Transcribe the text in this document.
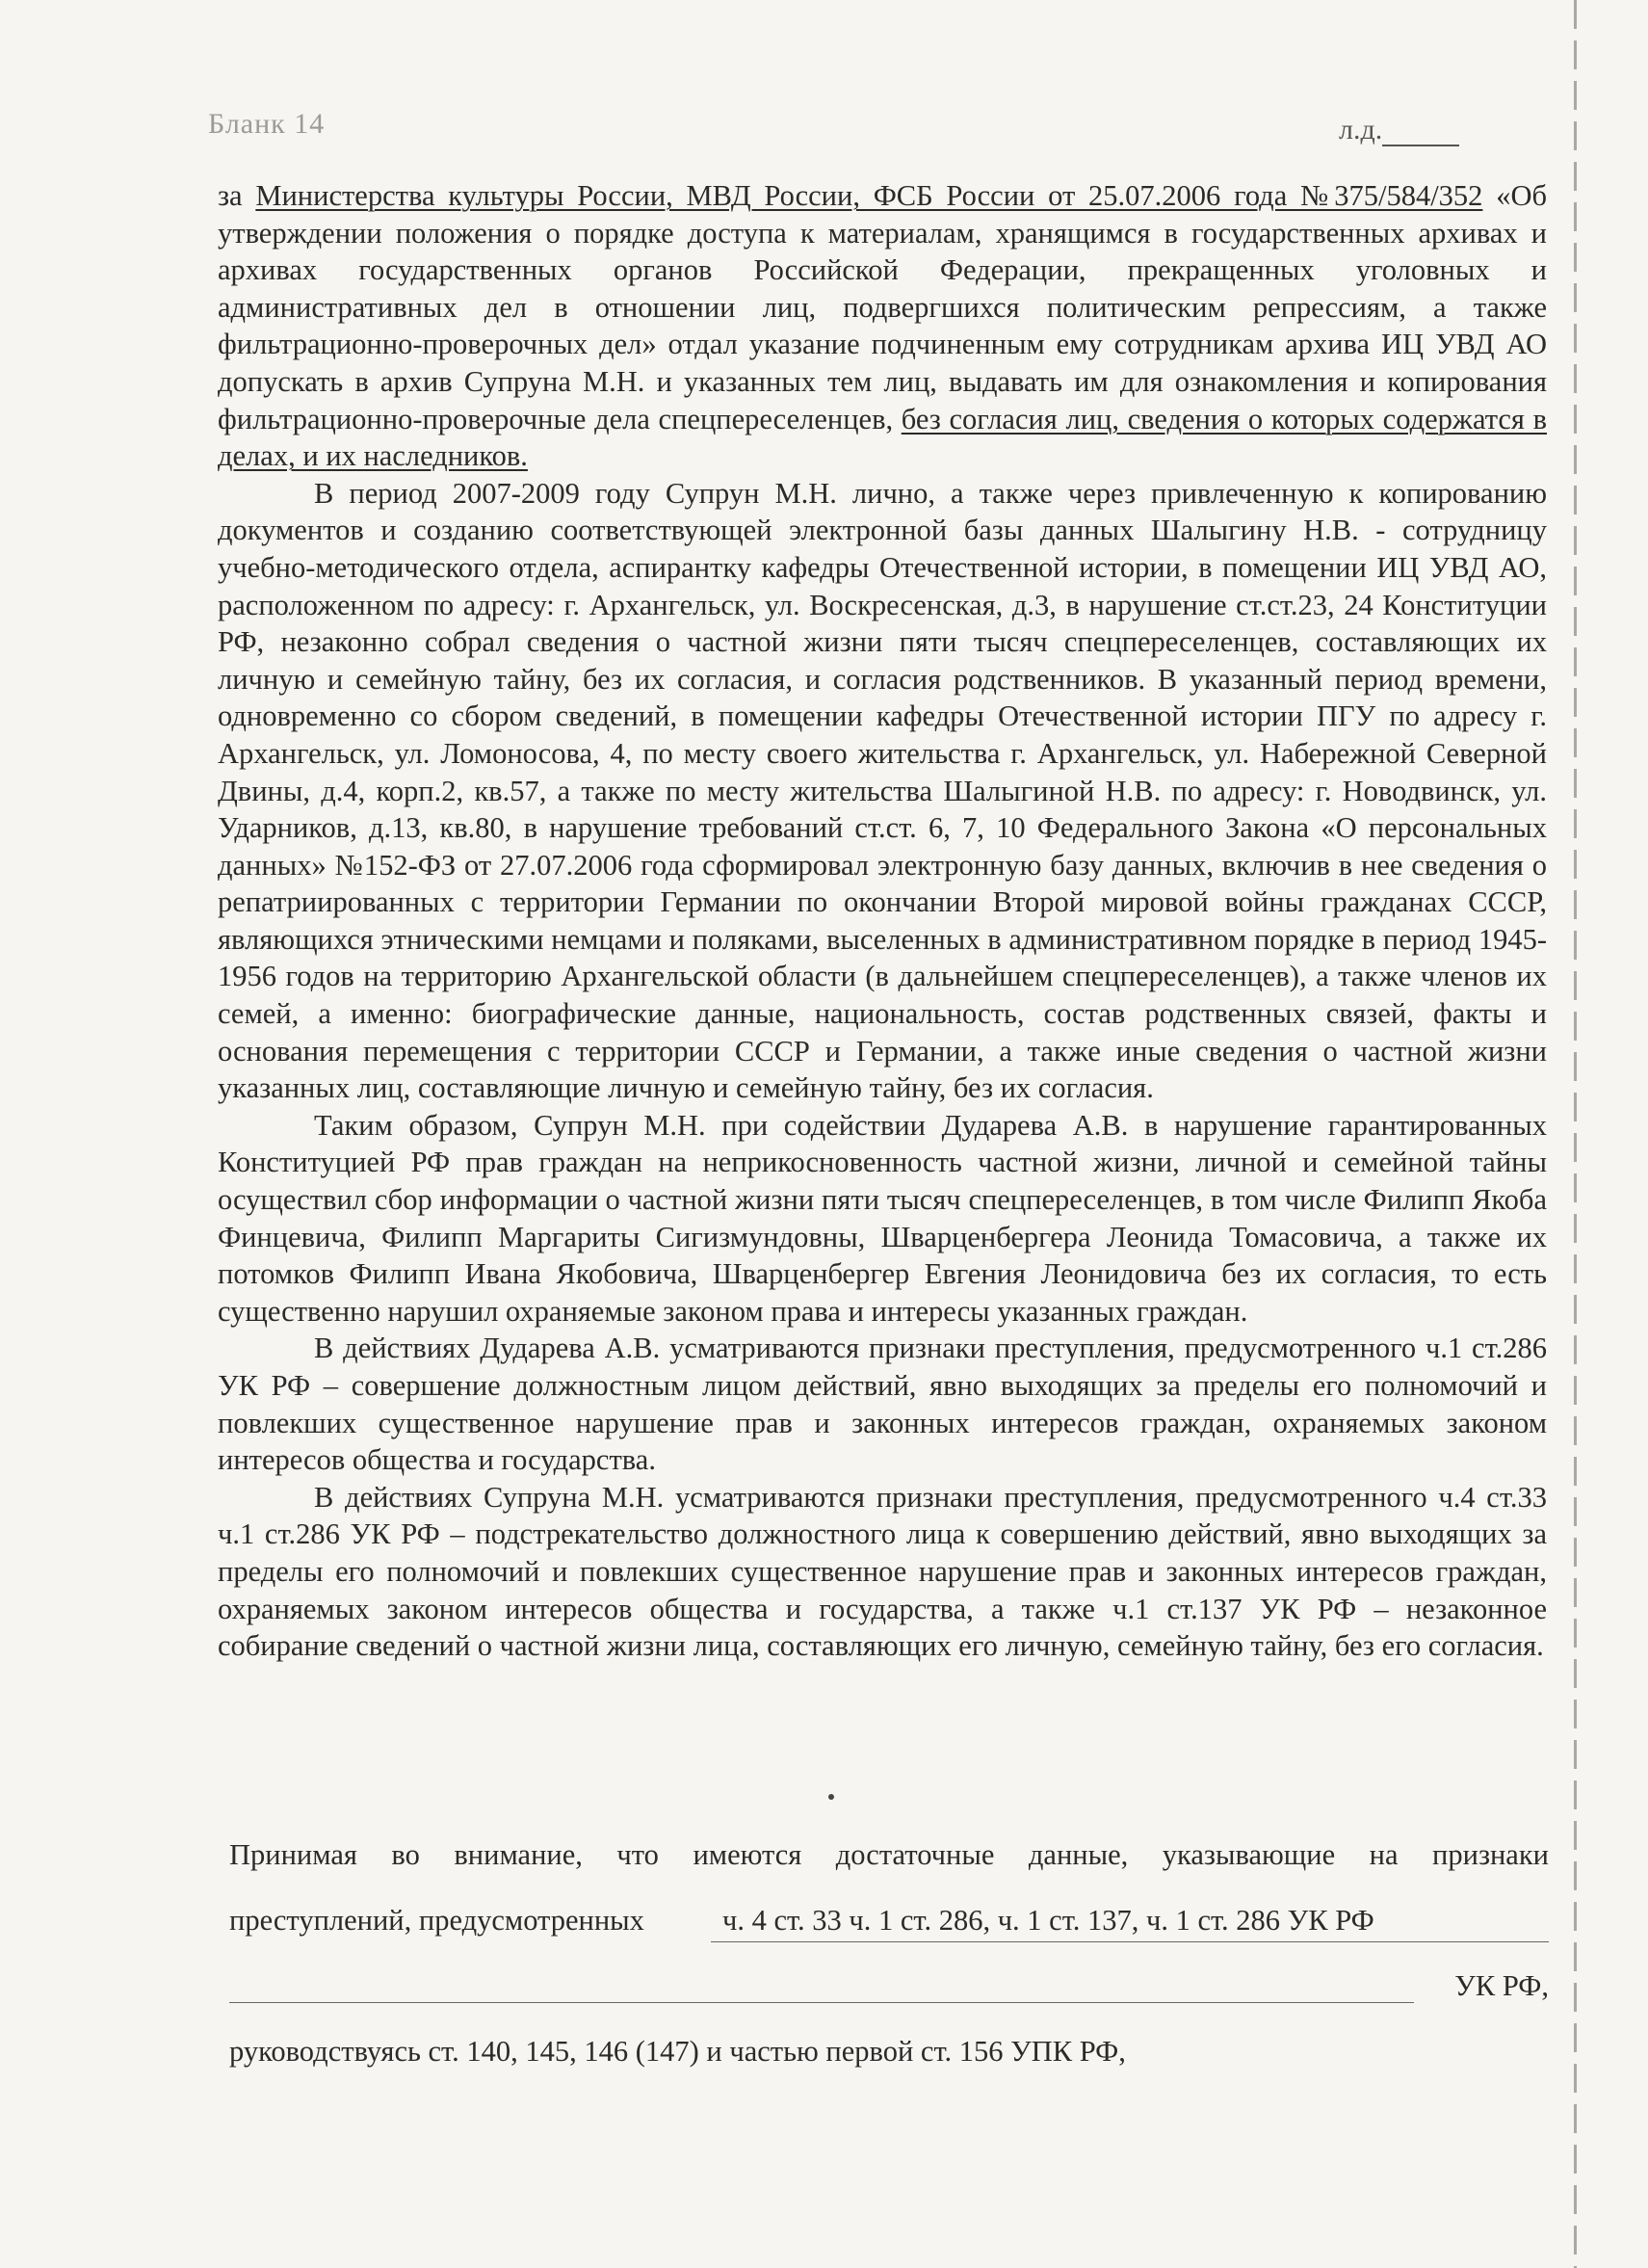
Бланк 14	л.д.

за Министерства культуры России, МВД России, ФСБ России от 25.07.2006 года №375/584/352 «Об утверждении положения о порядке доступа к материалам, хранящимся в государственных архивах и архивах государственных органов Российской Федерации, прекращенных уголовных и административных дел в отношении лиц, подвергшихся политическим репрессиям, а также фильтрационно-проверочных дел» отдал указание подчиненным ему сотрудникам архива ИЦ УВД АО допускать в архив Супруна М.Н. и указанных тем лиц, выдавать им для ознакомления и копирования фильтрационно-проверочные дела спецпереселенцев, без согласия лиц, сведения о которых содержатся в делах, и их наследников.

В период 2007-2009 году Супрун М.Н. лично, а также через привлеченную к копированию документов и созданию соответствующей электронной базы данных Шалыгину Н.В. - сотрудницу учебно-методического отдела, аспирантку кафедры Отечественной истории, в помещении ИЦ УВД АО, расположенном по адресу: г. Архангельск, ул. Воскресенская, д.3, в нарушение ст.ст.23, 24 Конституции РФ, незаконно собрал сведения о частной жизни пяти тысяч спецпереселенцев, составляющих их личную и семейную тайну, без их согласия, и согласия родственников. В указанный период времени, одновременно со сбором сведений, в помещении кафедры Отечественной истории ПГУ по адресу г. Архангельск, ул. Ломоносова, 4, по месту своего жительства г. Архангельск, ул. Набережной Северной Двины, д.4, корп.2, кв.57, а также по месту жительства Шалыгиной Н.В. по адресу: г. Новодвинск, ул. Ударников, д.13, кв.80, в нарушение требований ст.ст. 6, 7, 10 Федерального Закона «О персональных данных» №152-ФЗ от 27.07.2006 года сформировал электронную базу данных, включив в нее сведения о репатриированных с территории Германии по окончании Второй мировой войны гражданах СССР, являющихся этническими немцами и поляками, выселенных в административном порядке в период 1945-1956 годов на территорию Архангельской области (в дальнейшем спецпереселенцев), а также членов их семей, а именно: биографические данные, национальность, состав родственных связей, факты и основания перемещения с территории СССР и Германии, а также иные сведения о частной жизни указанных лиц, составляющие личную и семейную тайну, без их согласия.

Таким образом, Супрун М.Н. при содействии Дударева А.В. в нарушение гарантированных Конституцией РФ прав граждан на неприкосновенность частной жизни, личной и семейной тайны осуществил сбор информации о частной жизни пяти тысяч спецпереселенцев, в том числе Филипп Якоба Финцевича, Филипп Маргариты Сигизмундовны, Шварценбергера Леонида Томасовича, а также их потомков Филипп Ивана Якобовича, Шварценбергер Евгения Леонидовича без их согласия, то есть существенно нарушил охраняемые законом права и интересы указанных граждан.

В действиях Дударева А.В. усматриваются признаки преступления, предусмотренного ч.1 ст.286 УК РФ – совершение должностным лицом действий, явно выходящих за пределы его полномочий и повлекших существенное нарушение прав и законных интересов граждан, охраняемых законом интересов общества и государства.

В действиях Супруна М.Н. усматриваются признаки преступления, предусмотренного ч.4 ст.33 ч.1 ст.286 УК РФ – подстрекательство должностного лица к совершению действий, явно выходящих за пределы его полномочий и повлекших существенное нарушение прав и законных интересов граждан, охраняемых законом интересов общества и государства, а также ч.1 ст.137 УК РФ – незаконное собирание сведений о частной жизни лица, составляющих его личную, семейную тайну, без его согласия.

Принимая во внимание, что имеются достаточные данные, указывающие на признаки
преступлений, предусмотренных	ч. 4 ст. 33 ч. 1 ст. 286, ч. 1 ст. 137, ч. 1 ст. 286 УК РФ
УК РФ,
руководствуясь ст. 140, 145, 146 (147) и частью первой ст. 156 УПК РФ,
